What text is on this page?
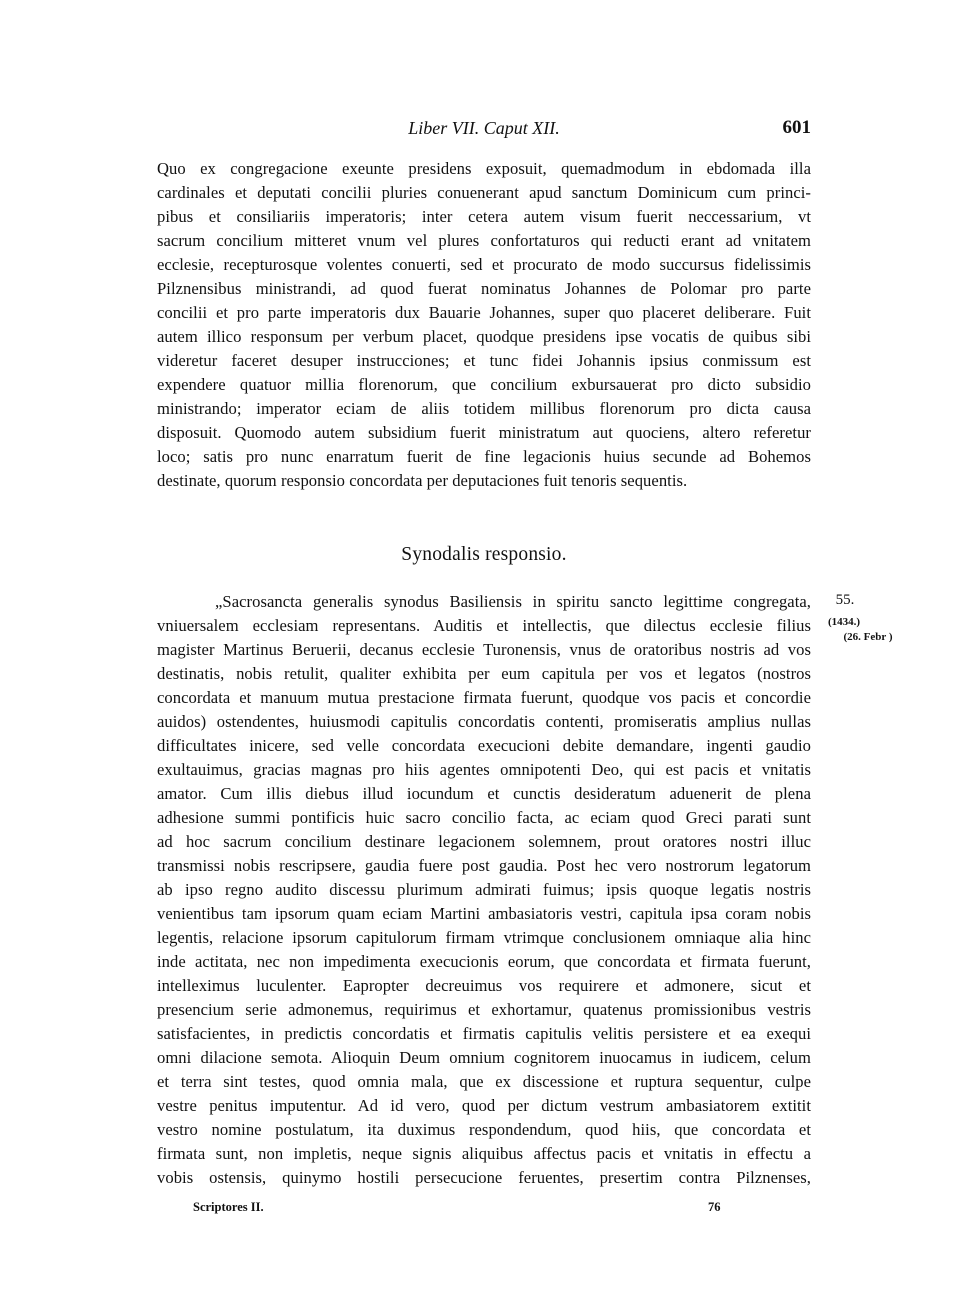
Liber VII. Caput XII.	601
Quo ex congregacione exeunte presidens exposuit, quemadmodum in ebdomada illa
cardinales et deputati concilii pluries conuenerant apud sanctum Dominicum cum princi-
pibus et consiliariis imperatoris; inter cetera autem visum fuerit neccessarium, vt
sacrum concilium mitteret vnum vel plures confortaturos qui reducti erant ad vnitatem
ecclesie, recepturosque volentes conuerti, sed et procurato de modo succursus fidelissimis
Pilznensibus ministrandi, ad quod fuerat nominatus Johannes de Polomar pro parte
concilii et pro parte imperatoris dux Bauarie Johannes, super quo placeret deliberare. Fuit
autem illico responsum per verbum placet, quodque presidens ipse vocatis de quibus sibi
videretur faceret desuper instrucciones; et tunc fidei Johannis ipsius conmissum est
expendere quatuor millia florenorum, que concilium exbursauerat pro dicto subsidio
ministrando; imperator eciam de aliis totidem millibus florenorum pro dicta causa
disposuit. Quomodo autem subsidium fuerit ministratum aut quociens, altero referetur
loco; satis pro nunc enarratum fuerit de fine legacionis huius secunde ad Bohemos
destinate, quorum responsio concordata per deputaciones fuit tenoris sequentis.
Synodalis responsio.
55.
(1434.)
(26. Febr )
„Sacrosancta generalis synodus Basiliensis in spiritu sancto legittime congregata,
vniuersalem ecclesiam representans. Auditis et intellectis, que dilectus ecclesie filius
magister Martinus Beruerii, decanus ecclesie Turonensis, vnus de oratoribus nostris ad vos
destinatis, nobis retulit, qualiter exhibita per eum capitula per vos et legatos (nostros
concordata et manuum mutua prestacione firmata fuerunt, quodque vos pacis et concordie
auidos) ostendentes, huiusmodi capitulis concordatis contenti, promiseratis amplius nullas
difficultates inicere, sed velle concordata execucioni debite demandare, ingenti gaudio
exultauimus, gracias magnas pro hiis agentes omnipotenti Deo, qui est pacis et vnitatis
amator. Cum illis diebus illud iocundum et cunctis desideratum aduenerit de plena
adhesione summi pontificis huic sacro concilio facta, ac eciam quod Greci parati sunt
ad hoc sacrum concilium destinare legacionem solemnem, prout oratores nostri illuc
transmissi nobis rescripsere, gaudia fuere post gaudia. Post hec vero nostrorum legatorum
ab ipso regno audito discessu plurimum admirati fuimus; ipsis quoque legatis nostris
venientibus tam ipsorum quam eciam Martini ambasiatoris vestri, capitula ipsa coram nobis
legentis, relacione ipsorum capitulorum firmam vtrimque conclusionem omniaque alia hinc
inde actitata, nec non impedimenta execucionis eorum, que concordata et firmata fuerunt,
intelleximus luculenter. Eapropter decreuimus vos requirere et admonere, sicut et
presencium serie admonemus, requirimus et exhortamur, quatenus promissionibus vestris
satisfacientes, in predictis concordatis et firmatis capitulis velitis persistere et ea exequi
omni dilacione semota. Alioquin Deum omnium cognitorem inuocamus in iudicem, celum
et terra sint testes, quod omnia mala, que ex discessione et ruptura sequentur, culpe
vestre penitus imputentur. Ad id vero, quod per dictum vestrum ambasiatorem extitit
vestro nomine postulatum, ita duximus respondendum, quod hiis, que concordata et
firmata sunt, non impletis, neque signis aliquibus affectus pacis et vnitatis in effectu a
vobis ostensis, quinymo hostili persecucione feruentes, presertim contra Pilznenses,
Scriptores II.	76
